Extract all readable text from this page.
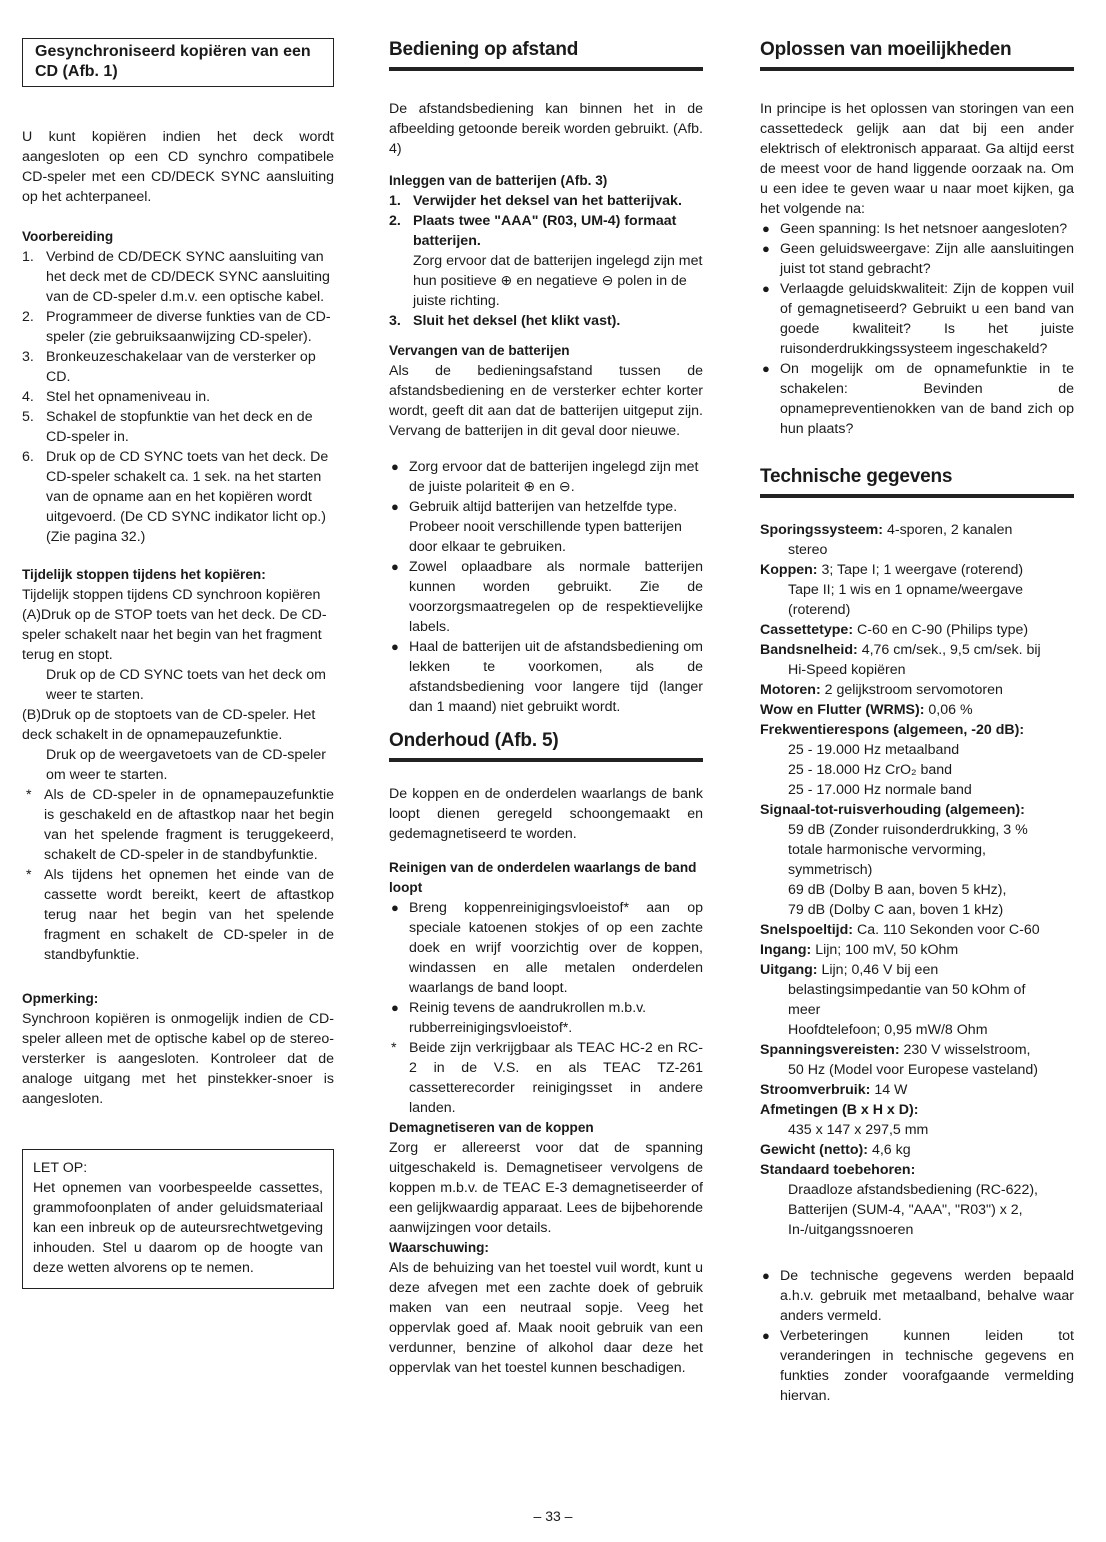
Gesynchroniseerd kopiëren van een CD (Afb. 1)

U kunt kopiëren indien het deck wordt aangesloten op een CD synchro compatibele CD-speler met een CD/DECK SYNC aansluiting op het achterpaneel.

Voorbereiding

1. Verbind de CD/DECK SYNC aansluiting van het deck met de CD/DECK SYNC aansluiting van de CD-speler d.m.v. een optische kabel.
2. Programmeer de diverse funkties van de CD-speler (zie gebruiksaanwijzing CD-speler).
3. Bronkeuzeschakelaar van de versterker op CD.
4. Stel het opnameniveau in.
5. Schakel de stopfunktie van het deck en de CD-speler in.
6. Druk op de CD SYNC toets van het deck. De CD-speler schakelt ca. 1 sek. na het starten van de opname aan en het kopiëren wordt uitgevoerd. (De CD SYNC indikator licht op.) (Zie pagina 32.)

Tijdelijk stoppen tijdens het kopiëren:

Tijdelijk stoppen tijdens CD synchroon kopiëren

(A)Druk op de STOP toets van het deck. De CD-speler schakelt naar het begin van het fragment terug en stopt.

Druk op de CD SYNC toets van het deck om weer te starten.

(B)Druk op de stoptoets van de CD-speler. Het deck schakelt in de opnamepauzefunktie.

Druk op de weergavetoets van de CD-speler om weer te starten.

* Als de CD-speler in de opnamepauzefunktie is geschakeld en de aftastkop naar het begin van het spelende fragment is teruggekeerd, schakelt de CD-speler in de standbyfunktie.
* Als tijdens het opnemen het einde van de cassette wordt bereikt, keert de aftastkop terug naar het begin van het spelende fragment en schakelt de CD-speler in de standbyfunktie.

Opmerking:

Synchroon kopiëren is onmogelijk indien de CD-speler alleen met de optische kabel op de stereo-versterker is aangesloten. Kontroleer dat de analoge uitgang met het pinstekker-snoer is aangesloten.

LET OP:

Het opnemen van voorbespeelde cassettes, grammofoonplaten of ander geluidsmateriaal kan een inbreuk op de auteursrechtwetgeving inhouden. Stel u daarom op de hoogte van deze wetten alvorens op te nemen.

Bediening op afstand

De afstandsbediening kan binnen het in de afbeelding getoonde bereik worden gebruikt. (Afb. 4)

Inleggen van de batterijen (Afb. 3)

1. Verwijder het deksel van het batterijvak.
2. Plaats twee "AAA" (R03, UM-4) formaat batterijen.
Zorg ervoor dat de batterijen ingelegd zijn met hun positieve ⊕ en negatieve ⊖ polen in de juiste richting.
3. Sluit het deksel (het klikt vast).

Vervangen van de batterijen

Als de bedieningsafstand tussen de afstandsbediening en de versterker echter korter wordt, geeft dit aan dat de batterijen uitgeput zijn. Vervang de batterijen in dit geval door nieuwe.

● Zorg ervoor dat de batterijen ingelegd zijn met de juiste polariteit ⊕ en ⊖.
● Gebruik altijd batterijen van hetzelfde type. Probeer nooit verschillende typen batterijen door elkaar te gebruiken.
● Zowel oplaadbare als normale batterijen kunnen worden gebruikt. Zie de voorzorgsmaatregelen op de respektievelijke labels.
● Haal de batterijen uit de afstandsbediening om lekken te voorkomen, als de afstandsbediening voor langere tijd (langer dan 1 maand) niet gebruikt wordt.
Onderhoud (Afb. 5)

De koppen en de onderdelen waarlangs de bank loopt dienen geregeld schoongemaakt en gedemagnetiseerd te worden.

Reinigen van de onderdelen waarlangs de band loopt

● Breng koppenreinigingsvloeistof* aan op speciale katoenen stokjes of op een zachte doek en wrijf voorzichtig over de koppen, windassen en alle metalen onderdelen waarlangs de band loopt.
● Reinig tevens de aandrukrollen m.b.v. rubberreinigingsvloeistof*.
* Beide zijn verkrijgbaar als TEAC HC-2 en RC-2 in de V.S. en als TEAC TZ-261 cassetterecorder reinigingsset in andere landen.

Demagnetiseren van de koppen

Zorg er allereerst voor dat de spanning uitgeschakeld is. Demagnetiseer vervolgens de koppen m.b.v. de TEAC E-3 demagnetiseerder of een gelijkwaardig apparaat. Lees de bijbehorende aanwijzingen voor details.

Waarschuwing:

Als de behuizing van het toestel vuil wordt, kunt u deze afvegen met een zachte doek of gebruik maken van een neutraal sopje. Veeg het oppervlak goed af. Maak nooit gebruik van een verdunner, benzine of alkohol daar deze het oppervlak van het toestel kunnen beschadigen.

Oplossen van moeilijkheden

In principe is het oplossen van storingen van een cassettedeck gelijk aan dat bij een ander elektrisch of elektronisch apparaat. Ga altijd eerst de meest voor de hand liggende oorzaak na. Om u een idee te geven waar u naar moet kijken, ga het volgende na:

● Geen spanning: Is het netsnoer aangesloten?
● Geen geluidsweergave: Zijn alle aansluitingen juist tot stand gebracht?
● Verlaagde geluidskwaliteit: Zijn de koppen vuil of gemagnetiseerd? Gebruikt u een band van goede kwaliteit? Is het juiste ruisonderdrukkingssysteem ingeschakeld?
● On mogelijk om de opnamefunktie in te schakelen: Bevinden de opnamepreventienokken van de band zich op hun plaats?
Technische gegevens
Sporingssysteem: 4-sporen, 2 kanalen
stereo
Koppen: 3; Tape I; 1 weergave (roterend)
Tape II; 1 wis en 1 opname/weergave
(roterend)
Cassettetype: C-60 en C-90 (Philips type)
Bandsnelheid: 4,76 cm/sek., 9,5 cm/sek. bij
Hi-Speed kopiëren
Motoren: 2 gelijkstroom servomotoren
Wow en Flutter (WRMS): 0,06 %
Frekwentierespons (algemeen, -20 dB):
25 - 19.000 Hz metaalband
25 - 18.000 Hz CrO₂ band
25 - 17.000 Hz normale band
Signaal-tot-ruisverhouding (algemeen):
59 dB (Zonder ruisonderdrukking, 3 %
totale harmonische vervorming,
symmetrisch)
69 dB (Dolby B aan, boven 5 kHz),
79 dB (Dolby C aan, boven 1 kHz)
Snelspoeltijd: Ca. 110 Sekonden voor C-60
Ingang: Lijn; 100 mV, 50 kOhm
Uitgang: Lijn; 0,46 V bij een
belastingsimpedantie van 50 kOhm of
meer
Hoofdtelefoon; 0,95 mW/8 Ohm
Spanningsvereisten: 230 V wisselstroom,
50 Hz (Model voor Europese vasteland)
Stroomverbruik: 14 W
Afmetingen (B x H x D):
435 x 147 x 297,5 mm
Gewicht (netto): 4,6 kg
Standaard toebehoren:
Draadloze afstandsbediening (RC-622),
Batterijen (SUM-4, "AAA", "R03") x 2,
In-/uitgangssnoeren
● De technische gegevens werden bepaald a.h.v. gebruik met metaalband, behalve waar anders vermeld.
● Verbeteringen kunnen leiden tot veranderingen in technische gegevens en funkties zonder voorafgaande vermelding hiervan.
– 33 –
